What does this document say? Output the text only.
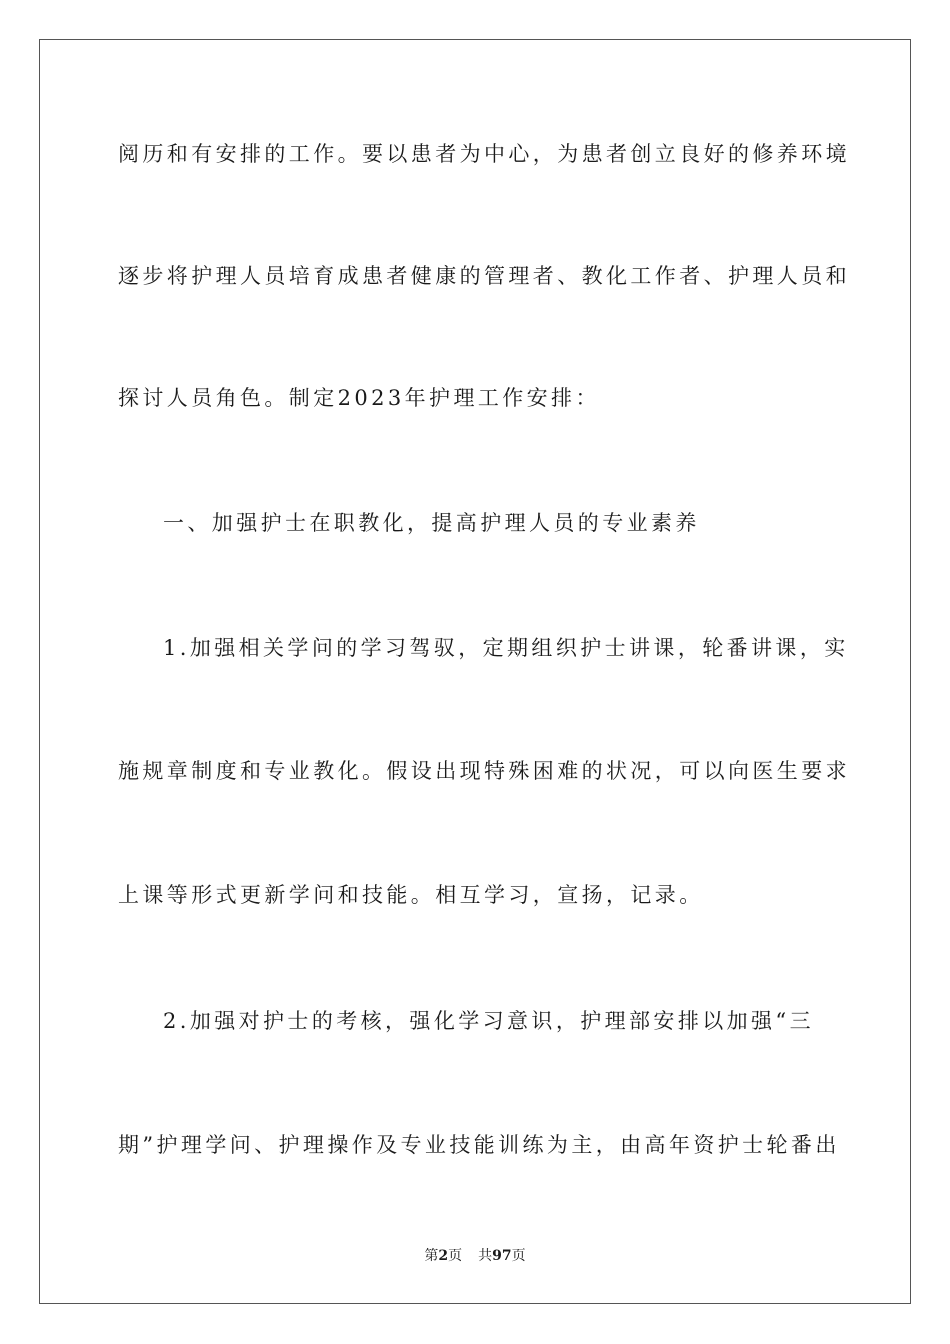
阅历和有安排的工作。要以患者为中心，为患者创立良好的修养环境
逐步将护理人员培育成患者健康的管理者、教化工作者、护理人员和
探讨人员角色。制定2023年护理工作安排：
一、加强护士在职教化，提高护理人员的专业素养
1.加强相关学问的学习驾驭，定期组织护士讲课，轮番讲课，实
施规章制度和专业教化。假设出现特殊困难的状况，可以向医生要求
上课等形式更新学问和技能。相互学习，宣扬，记录。
2.加强对护士的考核，强化学习意识，护理部安排以加强“三
期”护理学问、护理操作及专业技能训练为主，由高年资护士轮番出
第2页 共97页
